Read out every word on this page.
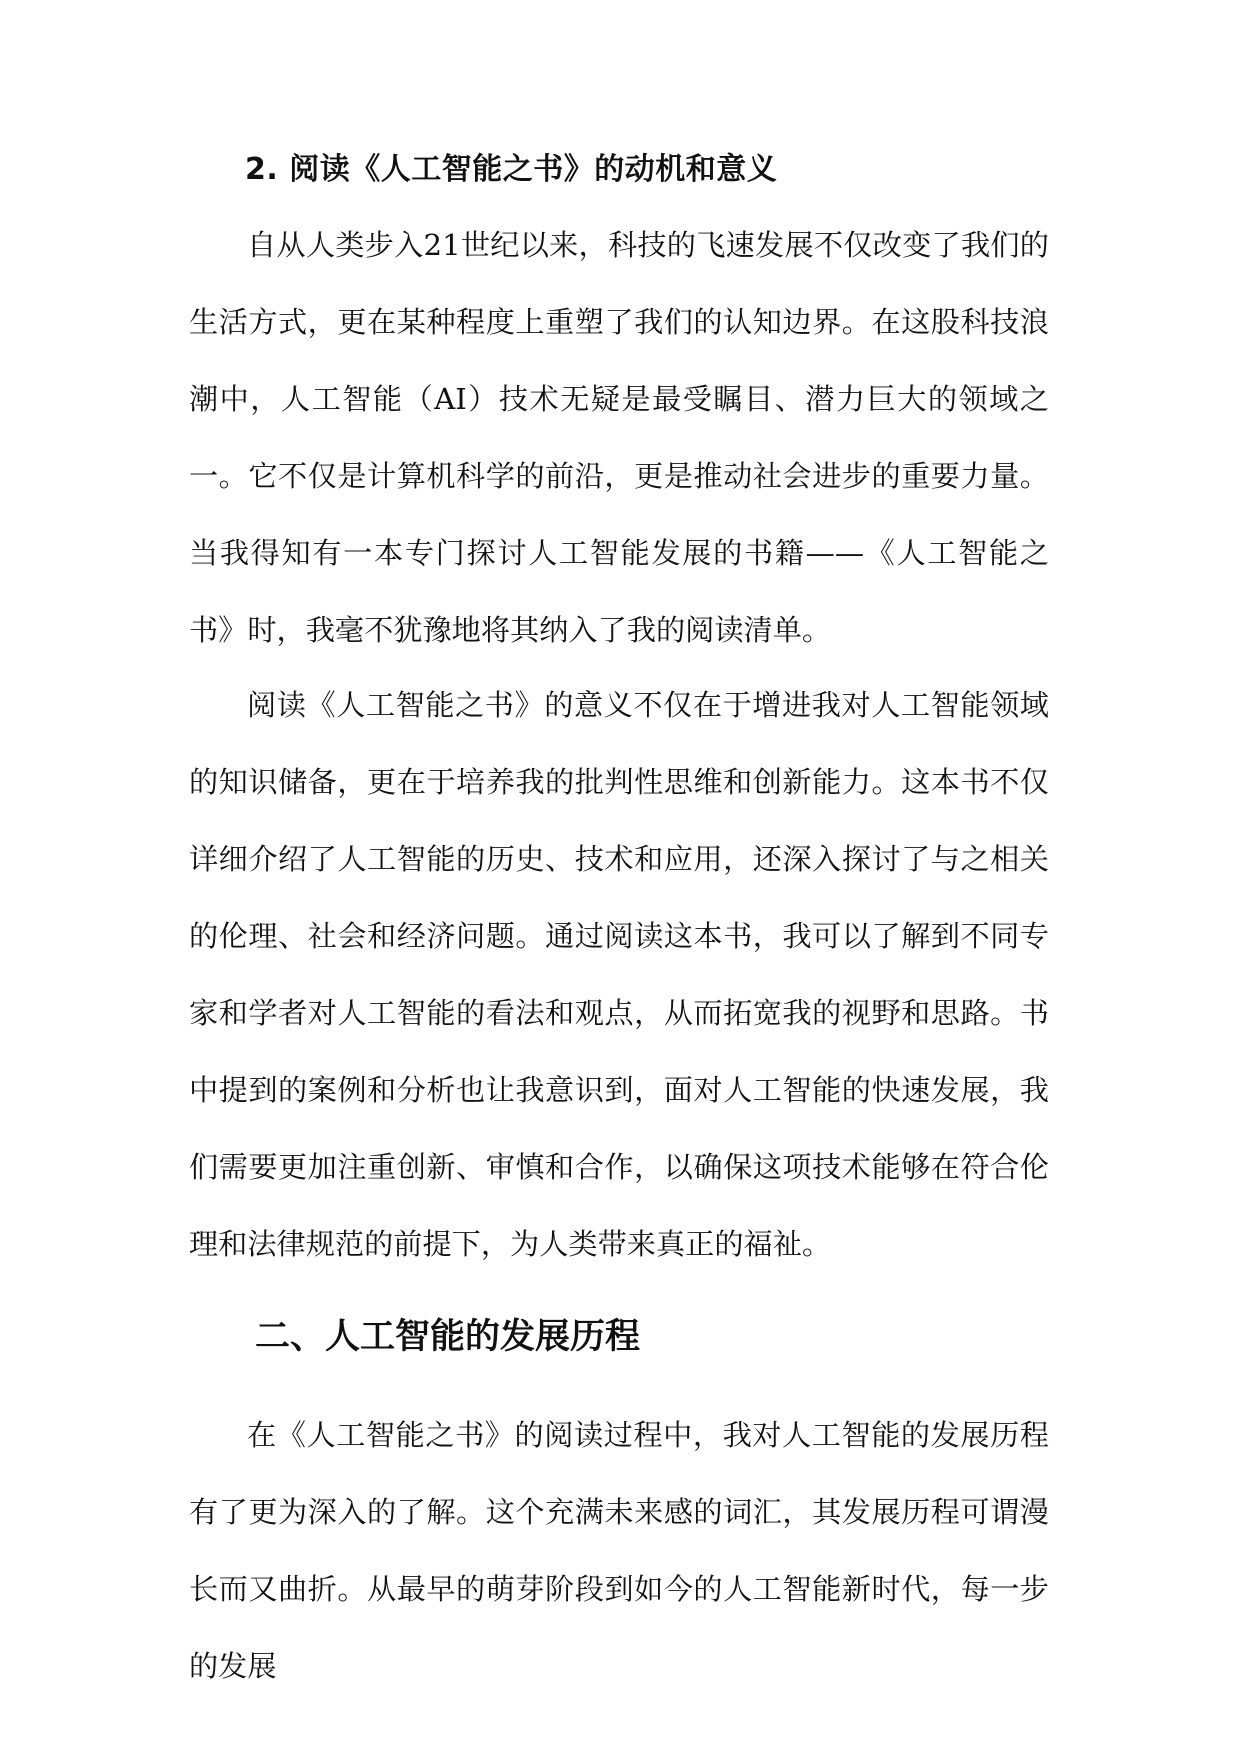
2. 阅读《人工智能之书》的动机和意义

自从人类步入21世纪以来，科技的飞速发展不仅改变了我们的生活方式，更在某种程度上重塑了我们的认知边界。在这股科技浪潮中，人工智能（AI）技术无疑是最受瞩目、潜力巨大的领域之一。它不仅是计算机科学的前沿，更是推动社会进步的重要力量。当我得知有一本专门探讨人工智能发展的书籍——《人工智能之书》时，我毫不犹豫地将其纳入了我的阅读清单。

阅读《人工智能之书》的意义不仅在于增进我对人工智能领域的知识储备，更在于培养我的批判性思维和创新能力。这本书不仅详细介绍了人工智能的历史、技术和应用，还深入探讨了与之相关的伦理、社会和经济问题。通过阅读这本书，我可以了解到不同专家和学者对人工智能的看法和观点，从而拓宽我的视野和思路。书中提到的案例和分析也让我意识到，面对人工智能的快速发展，我们需要更加注重创新、审慎和合作，以确保这项技术能够在符合伦理和法律规范的前提下，为人类带来真正的福祉。

二、人工智能的发展历程

在《人工智能之书》的阅读过程中，我对人工智能的发展历程有了更为深入的了解。这个充满未来感的词汇，其发展历程可谓漫长而又曲折。从最早的萌芽阶段到如今的人工智能新时代，每一步的发展
